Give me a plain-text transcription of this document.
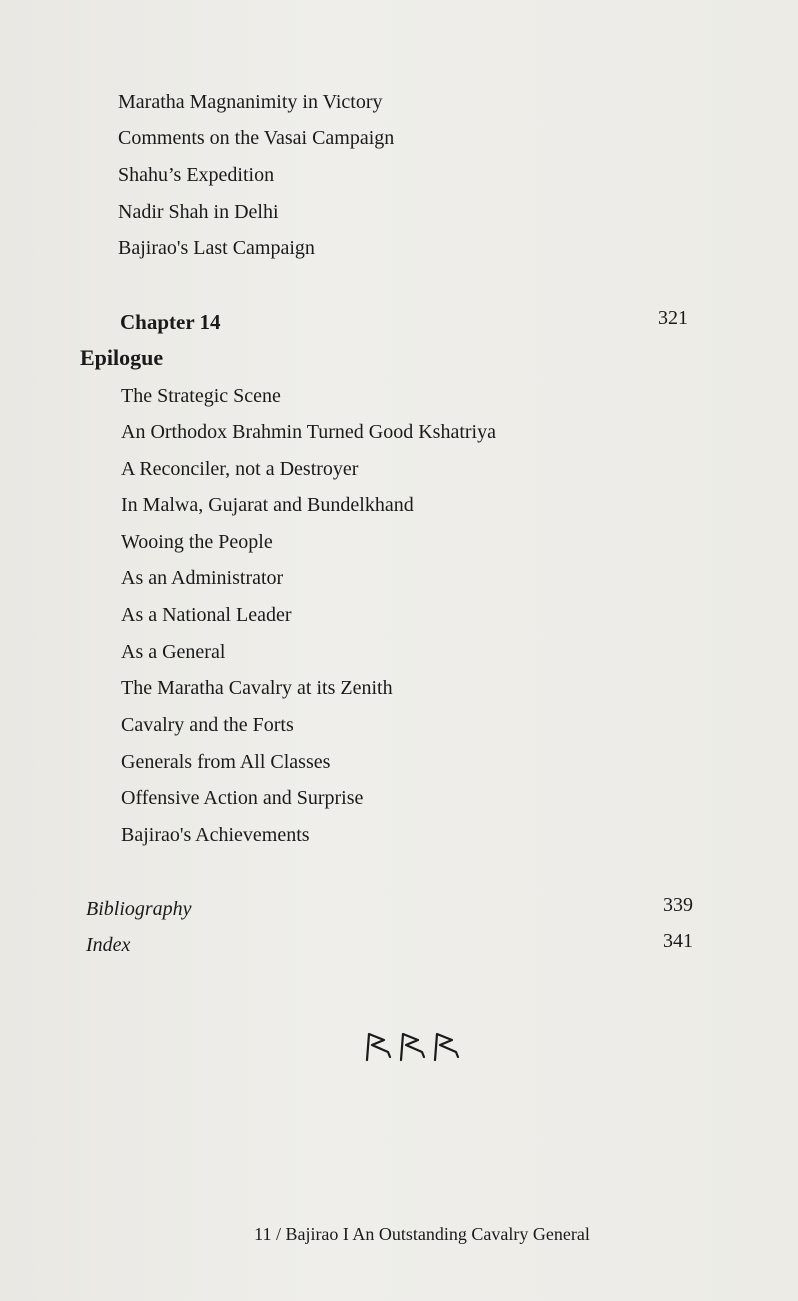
Maratha Magnanimity in Victory
Comments on the Vasai Campaign
Shahu’s Expedition
Nadir Shah in Delhi
Bajirao's Last Campaign
Chapter 14	321
Epilogue
The Strategic Scene
An Orthodox Brahmin Turned Good Kshatriya
A Reconciler, not a Destroyer
In Malwa, Gujarat and Bundelkhand
Wooing the People
As an Administrator
As a National Leader
As a General
The Maratha Cavalry at its Zenith
Cavalry and the Forts
Generals from All Classes
Offensive Action and Surprise
Bajirao's Achievements
Bibliography	339
Index	341
11 / Bajirao I An Outstanding Cavalry General
